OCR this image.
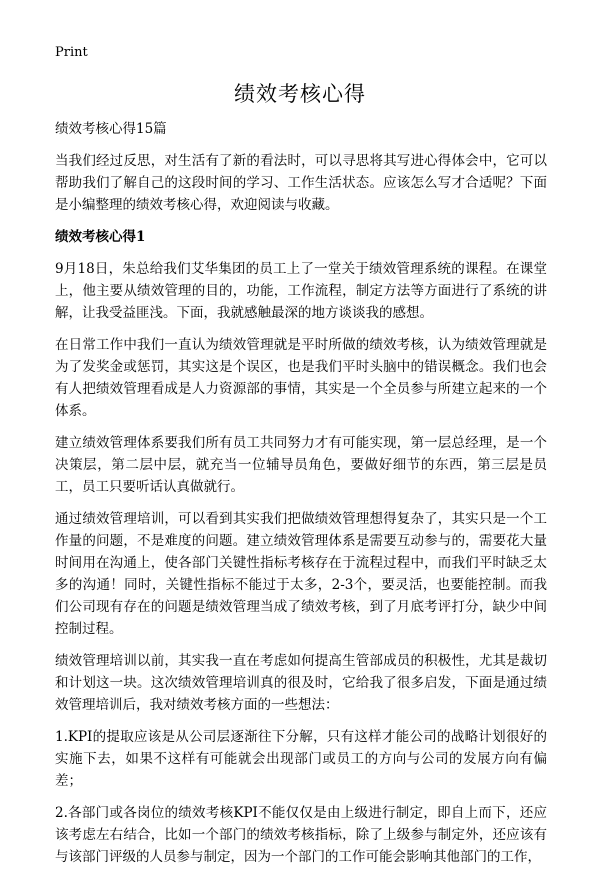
Print
绩效考核心得

绩效考核心得15篇

当我们经过反思，对生活有了新的看法时，可以寻思将其写进心得体会中，它可以帮助我们了解自己的这段时间的学习、工作生活状态。应该怎么写才合适呢？下面是小编整理的绩效考核心得，欢迎阅读与收藏。

绩效考核心得1

9月18日，朱总给我们艾华集团的员工上了一堂关于绩效管理系统的课程。在课堂上，他主要从绩效管理的目的，功能，工作流程，制定方法等方面进行了系统的讲解，让我受益匪浅。下面，我就感触最深的地方谈谈我的感想。

在日常工作中我们一直认为绩效管理就是平时所做的绩效考核，认为绩效管理就是为了发奖金或惩罚，其实这是个误区，也是我们平时头脑中的错误概念。我们也会有人把绩效管理看成是人力资源部的事情，其实是一个全员参与所建立起来的一个体系。

建立绩效管理体系要我们所有员工共同努力才有可能实现，第一层总经理，是一个决策层，第二层中层，就充当一位辅导员角色，要做好细节的东西，第三层是员工，员工只要听话认真做就行。

通过绩效管理培训，可以看到其实我们把做绩效管理想得复杂了，其实只是一个工作量的问题，不是难度的问题。建立绩效管理体系是需要互动参与的，需要花大量时间用在沟通上，使各部门关键性指标考核存在于流程过程中，而我们平时缺乏太多的沟通！同时，关键性指标不能过于太多，2-3个，要灵活，也要能控制。而我们公司现有存在的问题是绩效管理当成了绩效考核，到了月底考评打分，缺少中间控制过程。

绩效管理培训以前，其实我一直在考虑如何提高生管部成员的积极性，尤其是裁切和计划这一块。这次绩效管理培训真的很及时，它给我了很多启发，下面是通过绩效管理培训后，我对绩效考核方面的一些想法：

1.KPI的提取应该是从公司层逐渐往下分解，只有这样才能公司的战略计划很好的实施下去，如果不这样有可能就会出现部门或员工的方向与公司的发展方向有偏差；

2.各部门或各岗位的绩效考核KPI不能仅仅是由上级进行制定，即自上而下，还应该考虑左右结合，比如一个部门的绩效考核指标，除了上级参与制定外，还应该有与该部门评级的人员参与制定，因为一个部门的工作可能会影响其他部门的工作，
